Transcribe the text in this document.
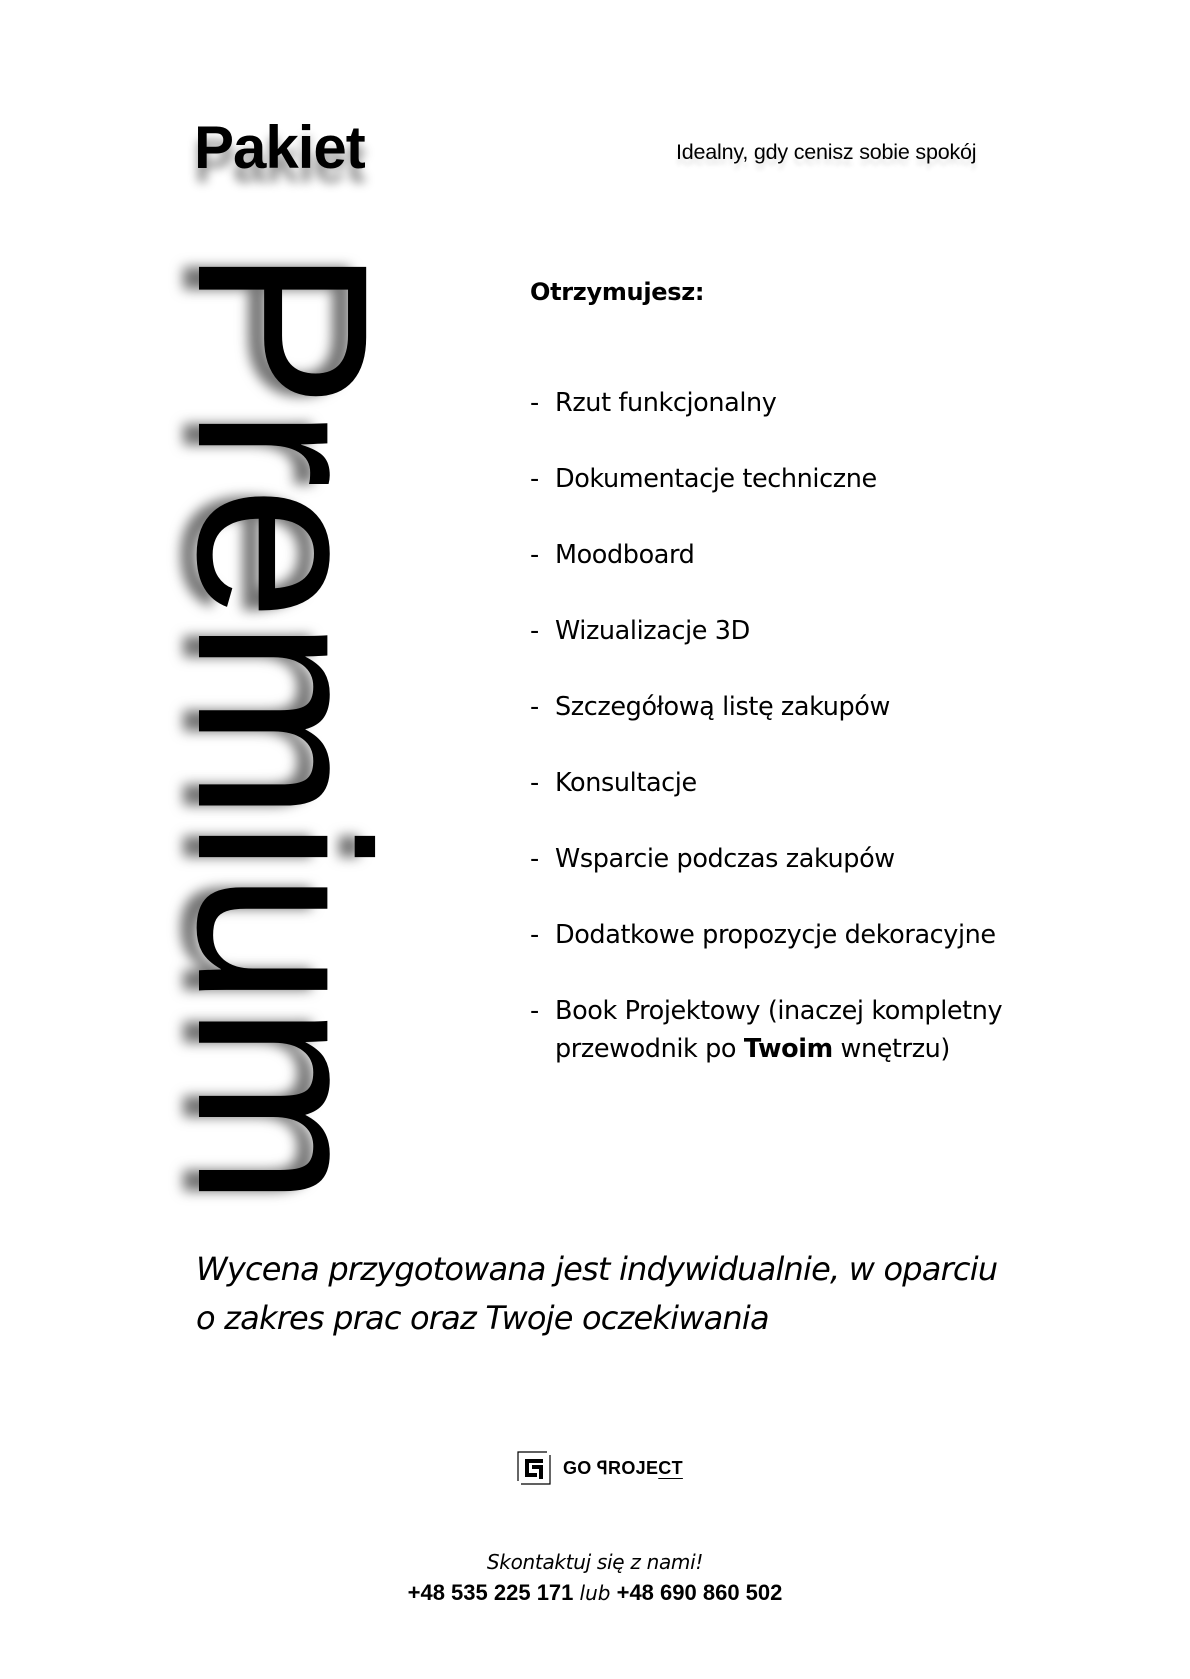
Pakiet	Idealny, gdy cenisz sobie spokój
Premium	Otrzymujesz:
- Rzut funkcjonalny
- Dokumentacje techniczne
- Moodboard
- Wizualizacje 3D
- Szczegółową listę zakupów
- Konsultacje
- Wsparcie podczas zakupów
- Dodatkowe propozycje dekoracyjne
- Book Projektowy (inaczej kompletny
przewodnik po Twoim wnętrzu)

Wycena przygotowana jest indywidualnie, w oparciu
o zakres prac oraz Twoje oczekiwania

GO ꟼROJECT

Skontaktuj się z nami!

+48 535 225 171 lub +48 690 860 502
